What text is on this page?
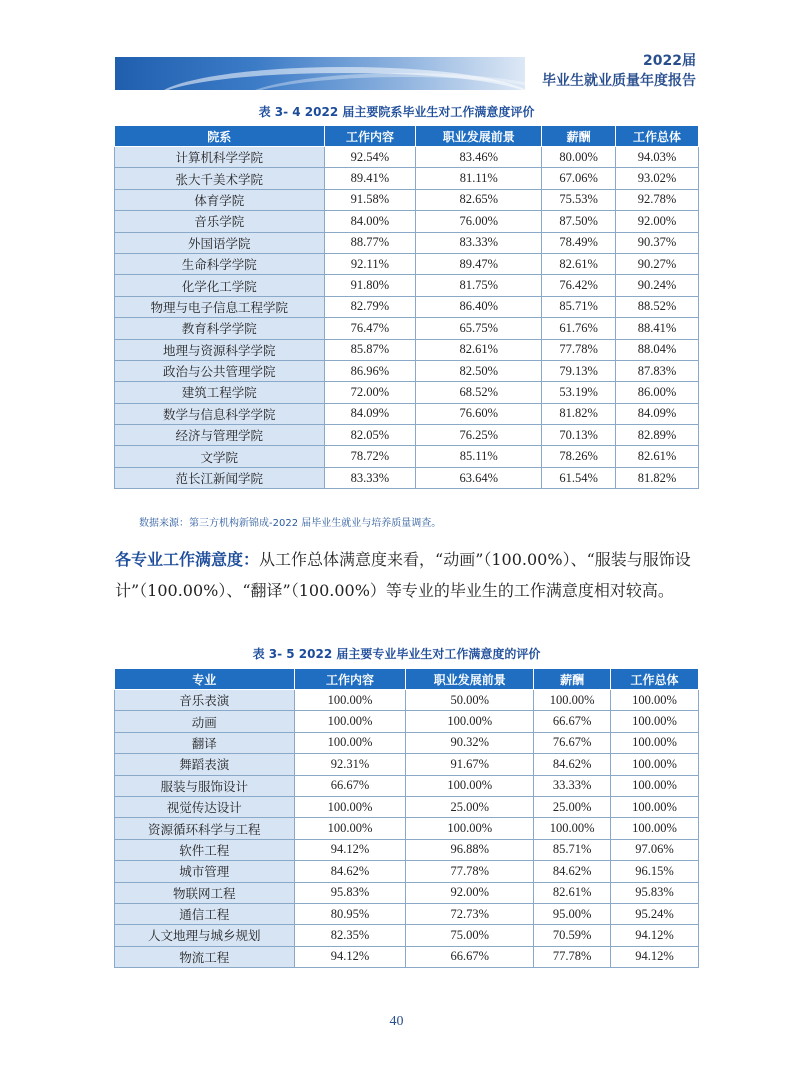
2022届
毕业生就业质量年度报告
表 3- 4 2022 届主要院系毕业生对工作满意度评价
院系	工作内容	职业发展前景	薪酬	工作总体
计算机科学学院	92.54%	83.46%	80.00%	94.03%
张大千美术学院	89.41%	81.11%	67.06%	93.02%
体育学院	91.58%	82.65%	75.53%	92.78%
音乐学院	84.00%	76.00%	87.50%	92.00%
外国语学院	88.77%	83.33%	78.49%	90.37%
生命科学学院	92.11%	89.47%	82.61%	90.27%
化学化工学院	91.80%	81.75%	76.42%	90.24%
物理与电子信息工程学院	82.79%	86.40%	85.71%	88.52%
教育科学学院	76.47%	65.75%	61.76%	88.41%
地理与资源科学学院	85.87%	82.61%	77.78%	88.04%
政治与公共管理学院	86.96%	82.50%	79.13%	87.83%
建筑工程学院	72.00%	68.52%	53.19%	86.00%
数学与信息科学学院	84.09%	76.60%	81.82%	84.09%
经济与管理学院	82.05%	76.25%	70.13%	82.89%
文学院	78.72%	85.11%	78.26%	82.61%
范长江新闻学院	83.33%	63.64%	61.54%	81.82%
数据来源：第三方机构新锦成-2022 届毕业生就业与培养质量调查。
各专业工作满意度：从工作总体满意度来看，“动画”（100.00%）、“服装与服饰设计”（100.00%）、“翻译”（100.00%）等专业的毕业生的工作满意度相对较高。
表 3- 5 2022 届主要专业毕业生对工作满意度的评价
专业	工作内容	职业发展前景	薪酬	工作总体
音乐表演	100.00%	50.00%	100.00%	100.00%
动画	100.00%	100.00%	66.67%	100.00%
翻译	100.00%	90.32%	76.67%	100.00%
舞蹈表演	92.31%	91.67%	84.62%	100.00%
服装与服饰设计	66.67%	100.00%	33.33%	100.00%
视觉传达设计	100.00%	25.00%	25.00%	100.00%
资源循环科学与工程	100.00%	100.00%	100.00%	100.00%
软件工程	94.12%	96.88%	85.71%	97.06%
城市管理	84.62%	77.78%	84.62%	96.15%
物联网工程	95.83%	92.00%	82.61%	95.83%
通信工程	80.95%	72.73%	95.00%	95.24%
人文地理与城乡规划	82.35%	75.00%	70.59%	94.12%
物流工程	94.12%	66.67%	77.78%	94.12%
40
